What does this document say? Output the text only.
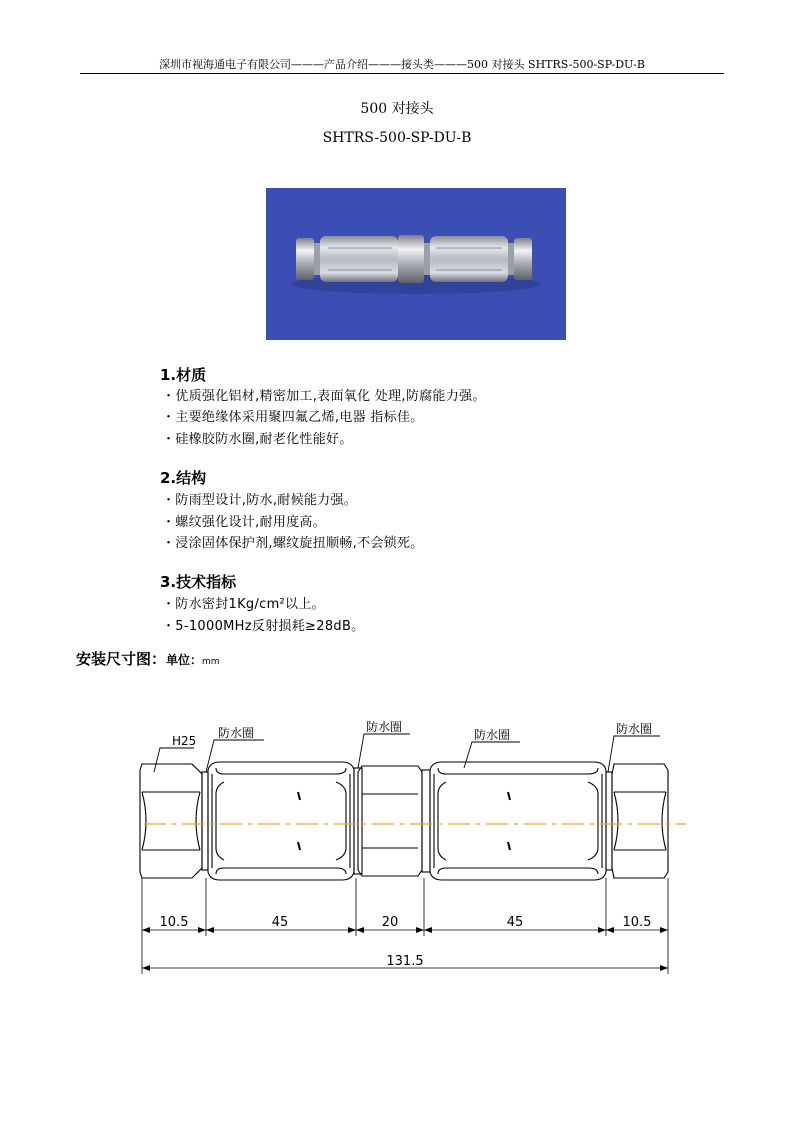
深圳市视海通电子有限公司———产品介绍———接头类———500 对接头 SHTRS-500-SP-DU-B
500 对接头
SHTRS-500-SP-DU-B
1.材质
・优质强化铝材,精密加工,表面氧化 处理,防腐能力强。
・主要绝缘体采用聚四氟乙烯,电器 指标佳。
・硅橡胶防水圈,耐老化性能好。
2.结构
・防雨型设计,防水,耐候能力强。
・螺纹强化设计,耐用度高。
・浸涂固体保护剂,螺纹旋扭顺畅,不会锁死。
3.技术指标
・防水密封1Kg/cm²以上。
・5-1000MHz反射损耗≥28dB。
安装尺寸图：单位：mm
H25
防水圈	防水圈
防水圈	防水圈
10.5	45	20	45	10.5
131.5
